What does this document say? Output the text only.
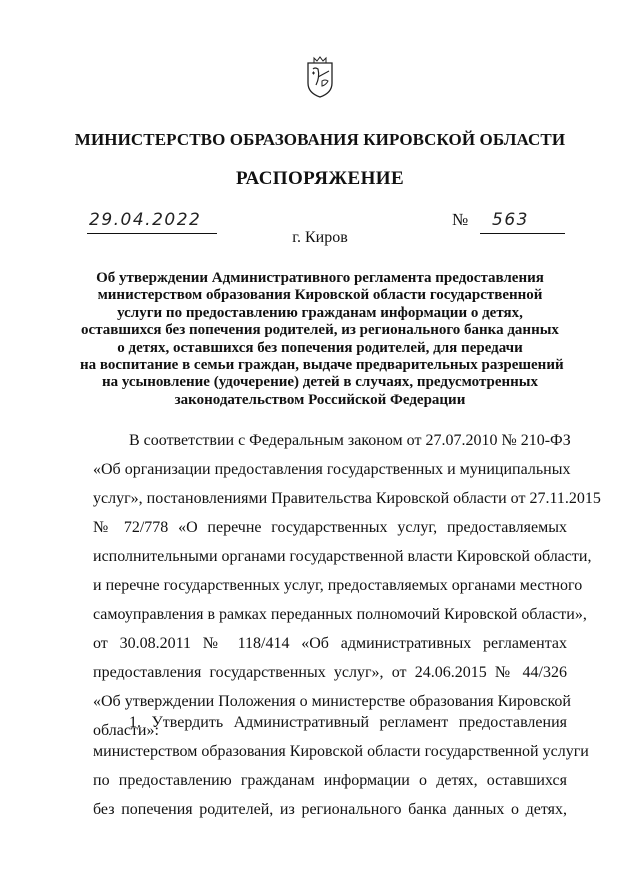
МИНИСТЕРСТВО ОБРАЗОВАНИЯ КИРОВСКОЙ ОБЛАСТИ
РАСПОРЯЖЕНИЕ
29.04.2022	№ 563
г. Киров
Об утверждении Административного регламента предоставления
министерством образования Кировской области государственной
услуги по предоставлению гражданам информации о детях,
оставшихся без попечения родителей, из регионального банка данных
о детях, оставшихся без попечения родителей, для передачи
на воспитание в семьи граждан, выдаче предварительных разрешений
на усыновление (удочерение) детей в случаях, предусмотренных
законодательством Российской Федерации
В соответствии с Федеральным законом от 27.07.2010 № 210-ФЗ
«Об организации предоставления государственных и муниципальных
услуг», постановлениями Правительства Кировской области от 27.11.2015
№ 72/778 «О перечне государственных услуг, предоставляемых
исполнительными органами государственной власти Кировской области,
и перечне государственных услуг, предоставляемых органами местного
самоуправления в рамках переданных полномочий Кировской области»,
от 30.08.2011 № 118/414 «Об административных регламентах
предоставления государственных услуг», от 24.06.2015 № 44/326
«Об утверждении Положения о министерстве образования Кировской
области»:
1. Утвердить Административный регламент предоставления
министерством образования Кировской области государственной услуги
по предоставлению гражданам информации о детях, оставшихся
без попечения родителей, из регионального банка данных о детях,
